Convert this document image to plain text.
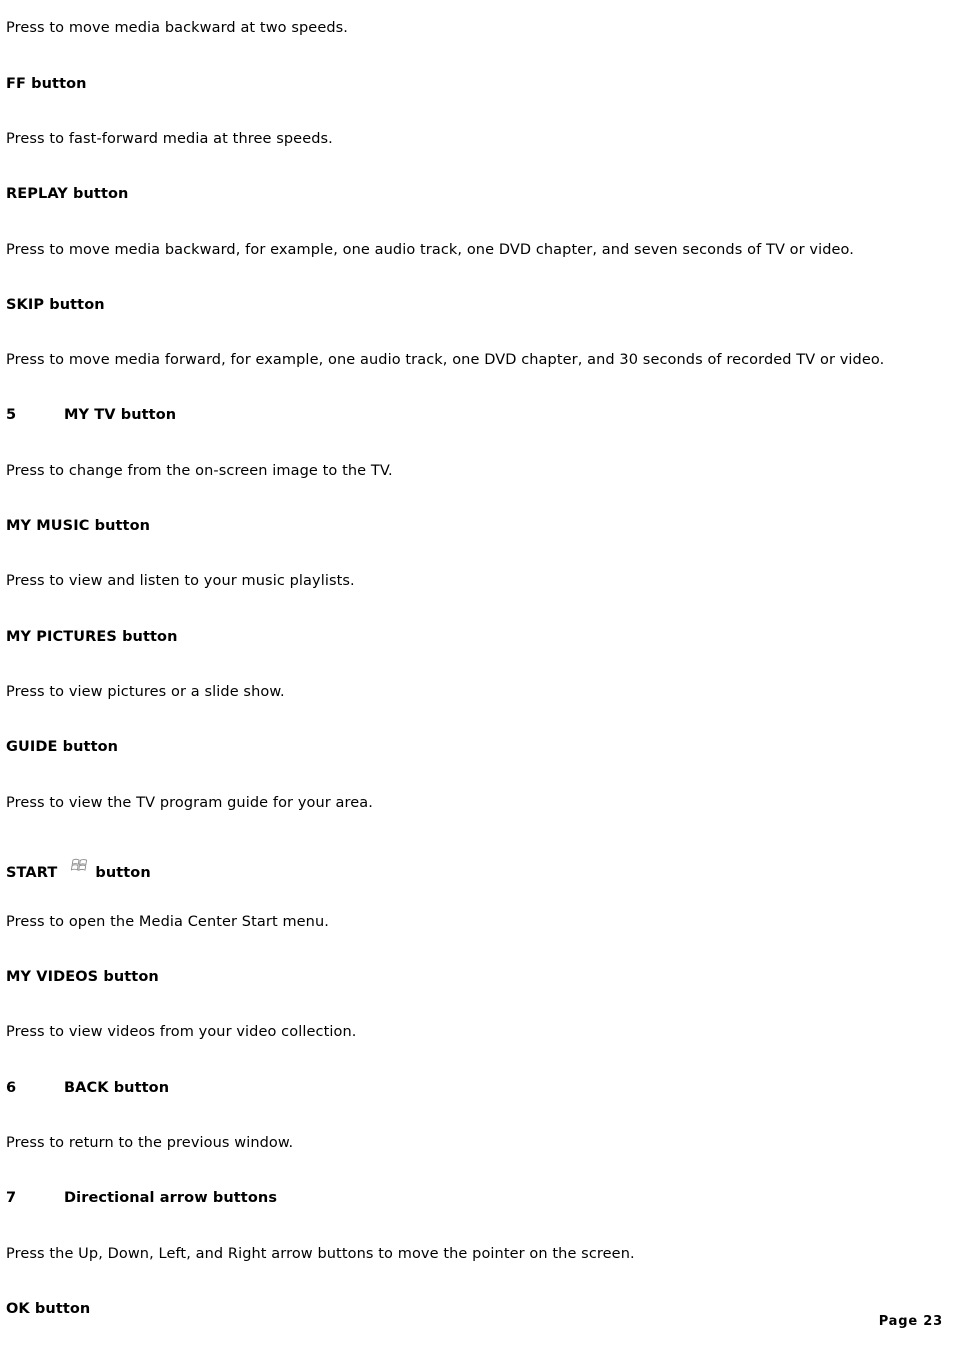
Press to move media backward at two speeds.
FF button
Press to fast-forward media at three speeds.
REPLAY button
Press to move media backward, for example, one audio track, one DVD chapter, and seven seconds of TV or video.
SKIP button
Press to move media forward, for example, one audio track, one DVD chapter, and 30 seconds of recorded TV or video.
5	MY TV button
Press to change from the on-screen image to the TV.
MY MUSIC button
Press to view and listen to your music playlists.
MY PICTURES button
Press to view pictures or a slide show.
GUIDE button
Press to view the TV program guide for your area.
START	button
Press to open the Media Center Start menu.
MY VIDEOS button
Press to view videos from your video collection.
6	BACK button
Press to return to the previous window.
7	Directional arrow buttons
Press the Up, Down, Left, and Right arrow buttons to move the pointer on the screen.
OK button
Page 23
